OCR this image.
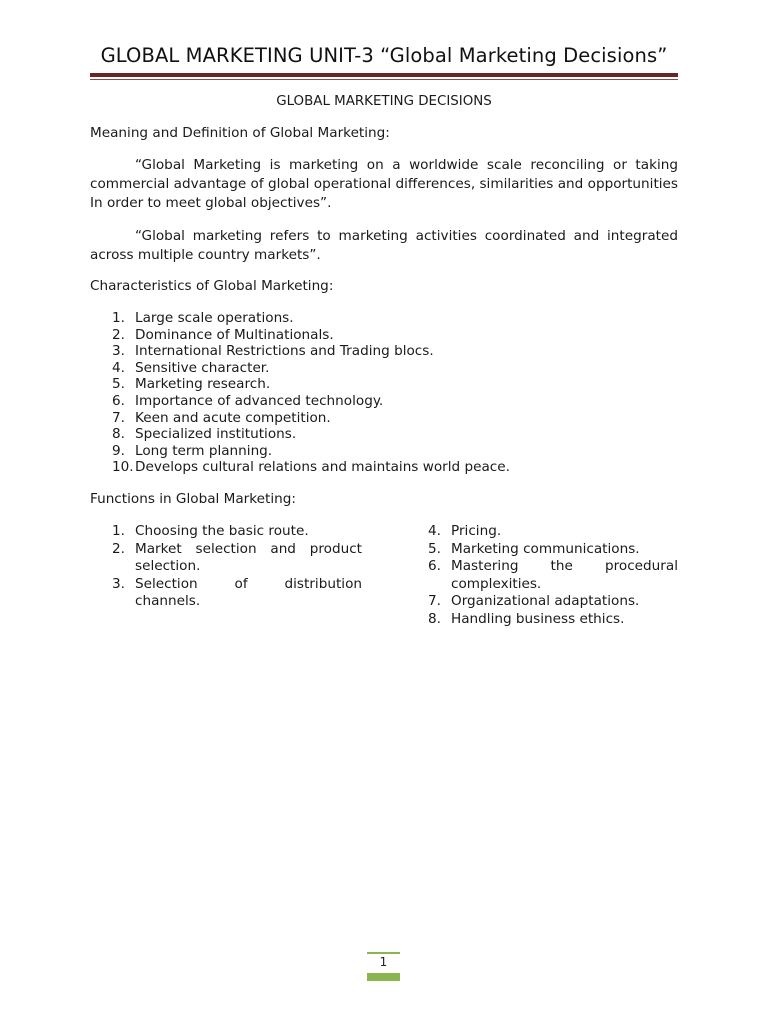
GLOBAL MARKETING UNIT-3 “Global Marketing Decisions”
GLOBAL MARKETING DECISIONS
Meaning and Definition of Global Marketing:
“Global Marketing is marketing on a worldwide scale reconciling or taking commercial advantage of global operational differences, similarities and opportunities In order to meet global objectives”.
“Global marketing refers to marketing activities coordinated and integrated across multiple country markets”.
Characteristics of Global Marketing:
1. Large scale operations.
2. Dominance of Multinationals.
3. International Restrictions and Trading blocs.
4. Sensitive character.
5. Marketing research.
6. Importance of advanced technology.
7. Keen and acute competition.
8. Specialized institutions.
9. Long term planning.
10. Develops cultural relations and maintains world peace.
Functions in Global Marketing:
1. Choosing the basic route.
2. Market selection and product selection.
3. Selection of distribution channels.
4. Pricing.
5. Marketing communications.
6. Mastering the procedural complexities.
7. Organizational adaptations.
8. Handling business ethics.
1
